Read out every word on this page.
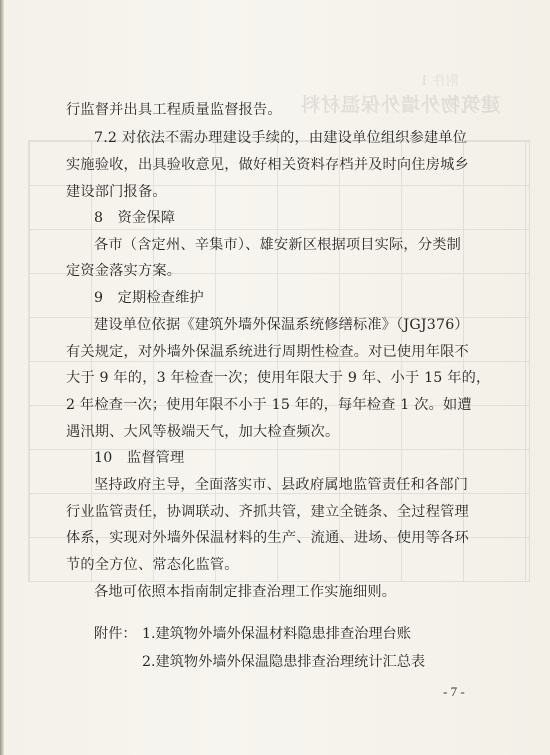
附件 1
建筑物外墙外保温材料
行监督并出具工程质量监督报告。
7.2 对依法不需办理建设手续的，由建设单位组织参建单位
实施验收，出具验收意见，做好相关资料存档并及时向住房城乡
建设部门报备。
8　资金保障
各市（含定州、辛集市）、雄安新区根据项目实际，分类制
定资金落实方案。
9　定期检查维护
建设单位依据《建筑外墙外保温系统修缮标准》（JGJ376）
有关规定，对外墙外保温系统进行周期性检查。对已使用年限不
大于 9 年的，3 年检查一次；使用年限大于 9 年、小于 15 年的，
2 年检查一次；使用年限不小于 15 年的，每年检查 1 次。如遭
遇汛期、大风等极端天气，加大检查频次。
10　监督管理
坚持政府主导，全面落实市、县政府属地监管责任和各部门
行业监管责任，协调联动、齐抓共管，建立全链条、全过程管理
体系，实现对外墙外保温材料的生产、流通、进场、使用等各环
节的全方位、常态化监管。
各地可依照本指南制定排查治理工作实施细则。
附件： 1.建筑物外墙外保温材料隐患排查治理台账
2.建筑物外墙外保温隐患排查治理统计汇总表
- 7 -
